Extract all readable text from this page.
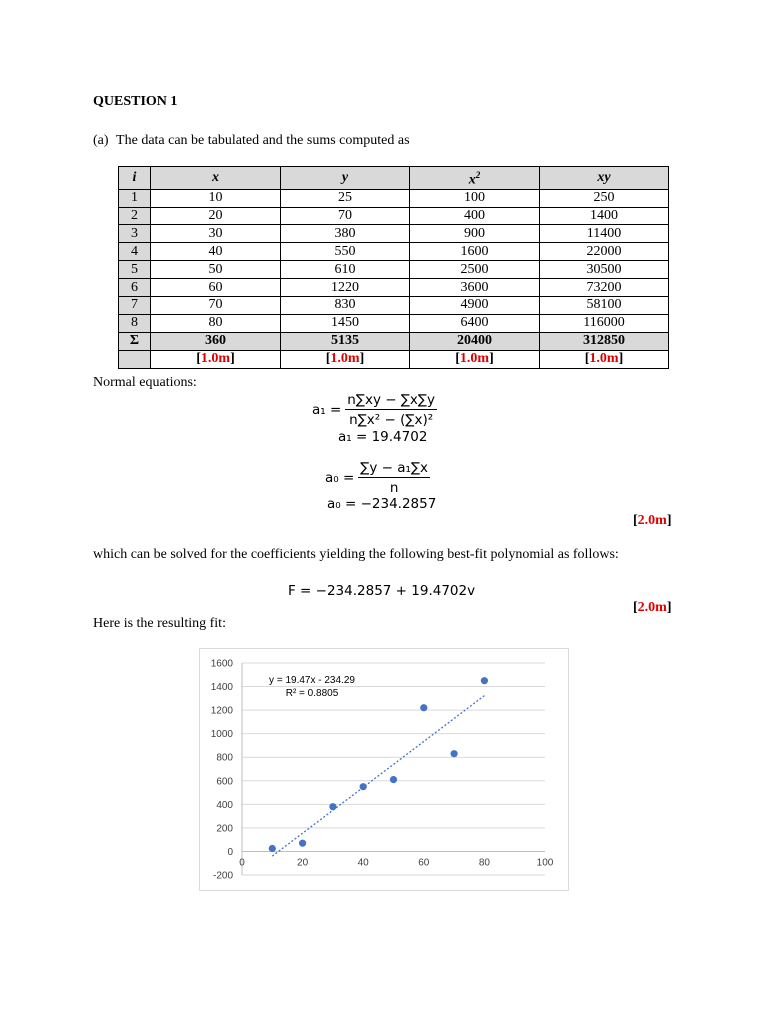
QUESTION 1
(a) The data can be tabulated and the sums computed as
i	x	y	$x^2$	xy
1	10	25	100	250
2	20	70	400	1400
3	30	380	900	11400
4	40	550	1600	22000
5	50	610	2500	30500
6	60	1220	3600	73200
7	70	830	4900	58100
8	80	1450	6400	116000
Σ	360	5135	20400	312850
	[1.0m]	[1.0m]	[1.0m]	[1.0m]
Normal equations:
$a_1 = \frac{n\sum xy - \sum x\sum y}{\text{n∑x² − (∑x)²}}$
a₁ = 19.4702
$a_0 = \frac{\text{∑y − a₁∑x}}{n}$
a₀ = −234.2857
[2.0m]
which can be solved for the coefficients yielding the following best-fit polynomial as follows:
F = −234.2857 + 19.4702v
[2.0m]
Here is the resulting fit:
-200
0
200
400
600
800
1000
1200
1400
1600
0	20	40	60	80	100
y = 19.47x - 234.29
R² = 0.8805
